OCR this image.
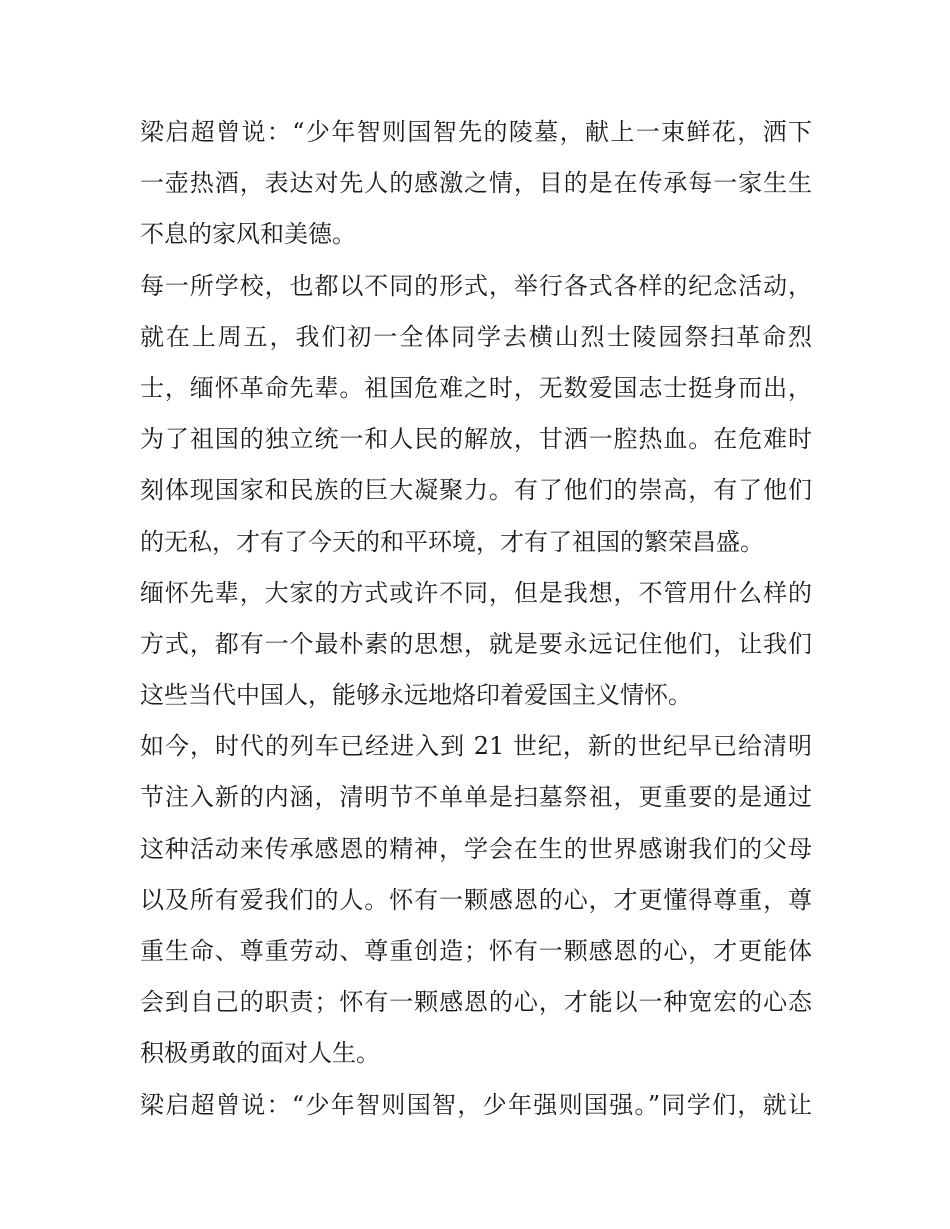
梁启超曾说：“少年智则国智先的陵墓，献上一束鲜花，洒下
一壶热酒，表达对先人的感激之情，目的是在传承每一家生生
不息的家风和美德。
每一所学校，也都以不同的形式，举行各式各样的纪念活动，
就在上周五，我们初一全体同学去横山烈士陵园祭扫革命烈
士，缅怀革命先辈。祖国危难之时，无数爱国志士挺身而出，
为了祖国的独立统一和人民的解放，甘洒一腔热血。在危难时
刻体现国家和民族的巨大凝聚力。有了他们的崇高，有了他们
的无私，才有了今天的和平环境，才有了祖国的繁荣昌盛。
缅怀先辈，大家的方式或许不同，但是我想，不管用什么样的
方式，都有一个最朴素的思想，就是要永远记住他们，让我们
这些当代中国人，能够永远地烙印着爱国主义情怀。
如今，时代的列车已经进入到 21 世纪，新的世纪早已给清明
节注入新的内涵，清明节不单单是扫墓祭祖，更重要的是通过
这种活动来传承感恩的精神，学会在生的世界感谢我们的父母
以及所有爱我们的人。怀有一颗感恩的心，才更懂得尊重，尊
重生命、尊重劳动、尊重创造；怀有一颗感恩的心，才更能体
会到自己的职责；怀有一颗感恩的心，才能以一种宽宏的心态
积极勇敢的面对人生。
梁启超曾说：“少年智则国智，少年强则国强。”同学们，就让
